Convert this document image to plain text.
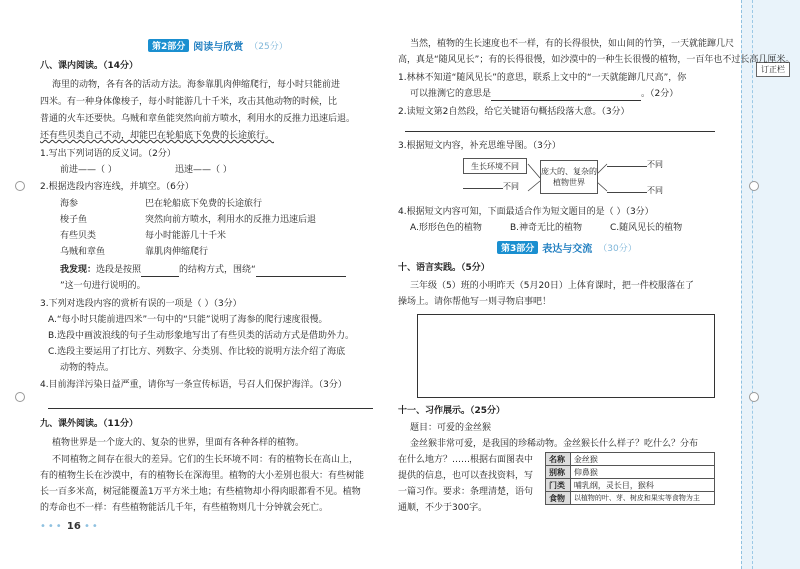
订正栏
第2部分 阅读与欣赏 （25分）
八、课内阅读。（14分）
海里的动物，各有各的活动方法。海参靠肌肉伸缩爬行，每小时只能前进
四米。有一种身体像梭子，每小时能游几十千米，攻击其他动物的时候，比
普通的火车还要快。乌贼和章鱼能突然向前方喷水，利用水的反推力迅速后退。
还有些贝类自己不动，却能巴在轮船底下免费的长途旅行。
1.写出下列词语的反义词。（2分）
前进——（ ）	迅速——（ ）
2.根据选段内容连线，并填空。（6分）
海参	巴在轮船底下免费的长途旅行
梭子鱼	突然向前方喷水，利用水的反推力迅速后退
有些贝类	每小时能游几十千米
乌贼和章鱼	靠肌肉伸缩爬行
我发现：选段是按照	的结构方式，围绕“
”这一句进行说明的。
3.下列对选段内容的赏析有误的一项是（ ）（3分）
A.“每小时只能前进四米”一句中的“只能”说明了海参的爬行速度很慢。
B.选段中画波浪线的句子生动形象地写出了有些贝类的活动方式是借助外力。
C.选段主要运用了打比方、列数字、分类别、作比较的说明方法介绍了海底
动物的特点。
4.目前海洋污染日益严重，请你写一条宣传标语，号召人们保护海洋。（3分）
九、课外阅读。（11分）
植物世界是一个庞大的、复杂的世界，里面有各种各样的植物。
不同植物之间存在很大的差异。它们的生长环境不同：有的植物长在高山上，
有的植物生长在沙漠中，有的植物长在深海里。植物的大小差别也很大：有些树能
长一百多米高，树冠能覆盖1万平方米土地；有些植物却小得肉眼都看不见。植物
的寿命也不一样：有些植物能活几千年，有些植物则几十分钟就会死亡。
••• 16 ••
当然，植物的生长速度也不一样，有的长得很快，如山间的竹笋，一天就能蹿几尺
高，真是“随风见长”；有的长得很慢，如沙漠中的一种生长很慢的植物，一百年也不过长高几厘米。
1.林林不知道“随风见长”的意思，联系上文中的“一天就能蹿几尺高”，你
可以推测它的意思是	。（2分）
2.读短文第2自然段，给它关键语句概括段落大意。（3分）
3.根据短文内容，补充思维导图。（3分）
生长环境不同
不同
庞大的、复杂的
植物世界
不同
不同
4.根据短文内容可知，下面最适合作为短文题目的是（ ）（3分）
A.形形色色的植物	B.神奇无比的植物	C.随风见长的植物
第3部分 表达与交流 （30分）
十、语言实践。（5分）
三年级（5）班的小明昨天（5月20日）上体育课时，把一件校服落在了
操场上。请你帮他写一则寻物启事吧！
十一、习作展示。（25分）
题目：可爱的金丝猴
金丝猴非常可爱，是我国的珍稀动物。金丝猴长什么样子？吃什么？分布
在什么地方？……根据右面图表中
提供的信息，也可以查找资料，写
一篇习作。要求：条理清楚，语句
通顺，不少于300字。
名称	金丝猴
别称	仰鼻猴
门类	哺乳纲，灵长目，猴科
食物	以植物的叶、芽、树皮和果实等食物为主
